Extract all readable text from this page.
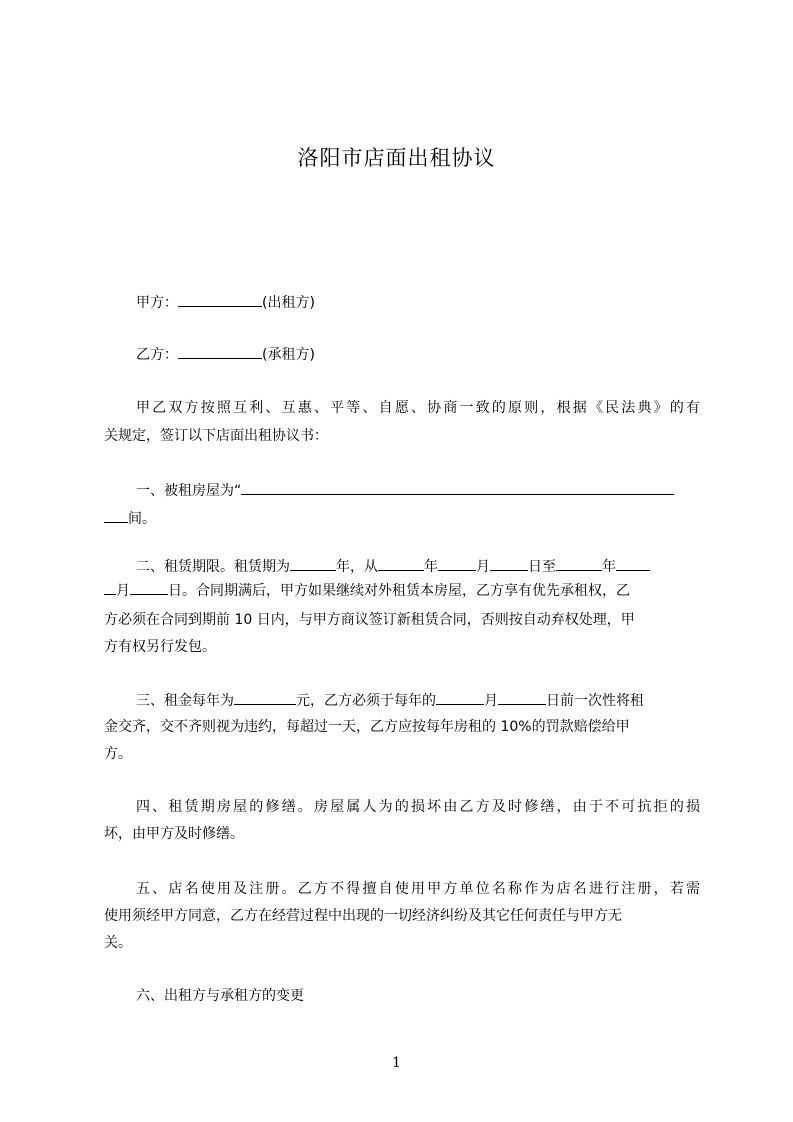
洛阳市店面出租协议
甲方：	(出租方)
乙方：	(承租方)
甲乙双方按照互利、互惠、平等、自愿、协商一致的原则，根据《民法典》的有
关规定，签订以下店面出租协议书：
一、被租房屋为“
间。
二、租赁期限。租赁期为	年，从	年	月	日至	年
月	日。合同期满后，甲方如果继续对外租赁本房屋，乙方享有优先承租权，乙
方必须在合同到期前 10 日内，与甲方商议签订新租赁合同，否则按自动弃权处理，甲
方有权另行发包。
三、租金每年为	元，乙方必须于每年的	月	日前一次性将租
金交齐，交不齐则视为违约，每超过一天，乙方应按每年房租的 10%的罚款赔偿给甲
方。
四、租赁期房屋的修缮。房屋属人为的损坏由乙方及时修缮，由于不可抗拒的损
坏，由甲方及时修缮。
五、店名使用及注册。乙方不得擅自使用甲方单位名称作为店名进行注册，若需
使用须经甲方同意，乙方在经营过程中出现的一切经济纠纷及其它任何责任与甲方无
关。
六、出租方与承租方的变更
1
